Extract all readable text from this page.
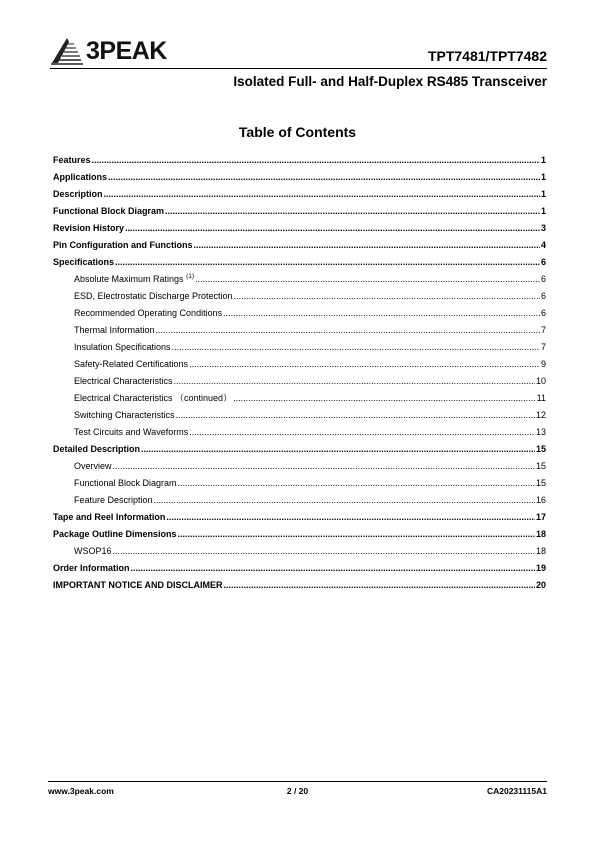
3PEAK	TPT7481/TPT7482
Isolated Full- and Half-Duplex RS485 Transceiver
Table of Contents
Features .....	1
Applications .....	1
Description .....	1
Functional Block Diagram .....	1
Revision History .....	3
Pin Configuration and Functions .....	4
Specifications .....	6
Absolute Maximum Ratings $^{(1)}$ .....	6
ESD, Electrostatic Discharge Protection .....	6
Recommended Operating Conditions .....	6
Thermal Information .....	7
Insulation Specifications .....	7
Safety-Related Certifications .....	9
Electrical Characteristics .....	10
Electrical Characteristics （continued） .....	11
Switching Characteristics .....	12
Test Circuits and Waveforms .....	13
Detailed Description .....	15
Overview .....	15
Functional Block Diagram .....	15
Feature Description .....	16
Tape and Reel Information .....	17
Package Outline Dimensions .....	18
WSOP16 .....	18
Order Information .....	19
IMPORTANT NOTICE AND DISCLAIMER .....	20
www.3peak.com	2 / 20	CA20231115A1
